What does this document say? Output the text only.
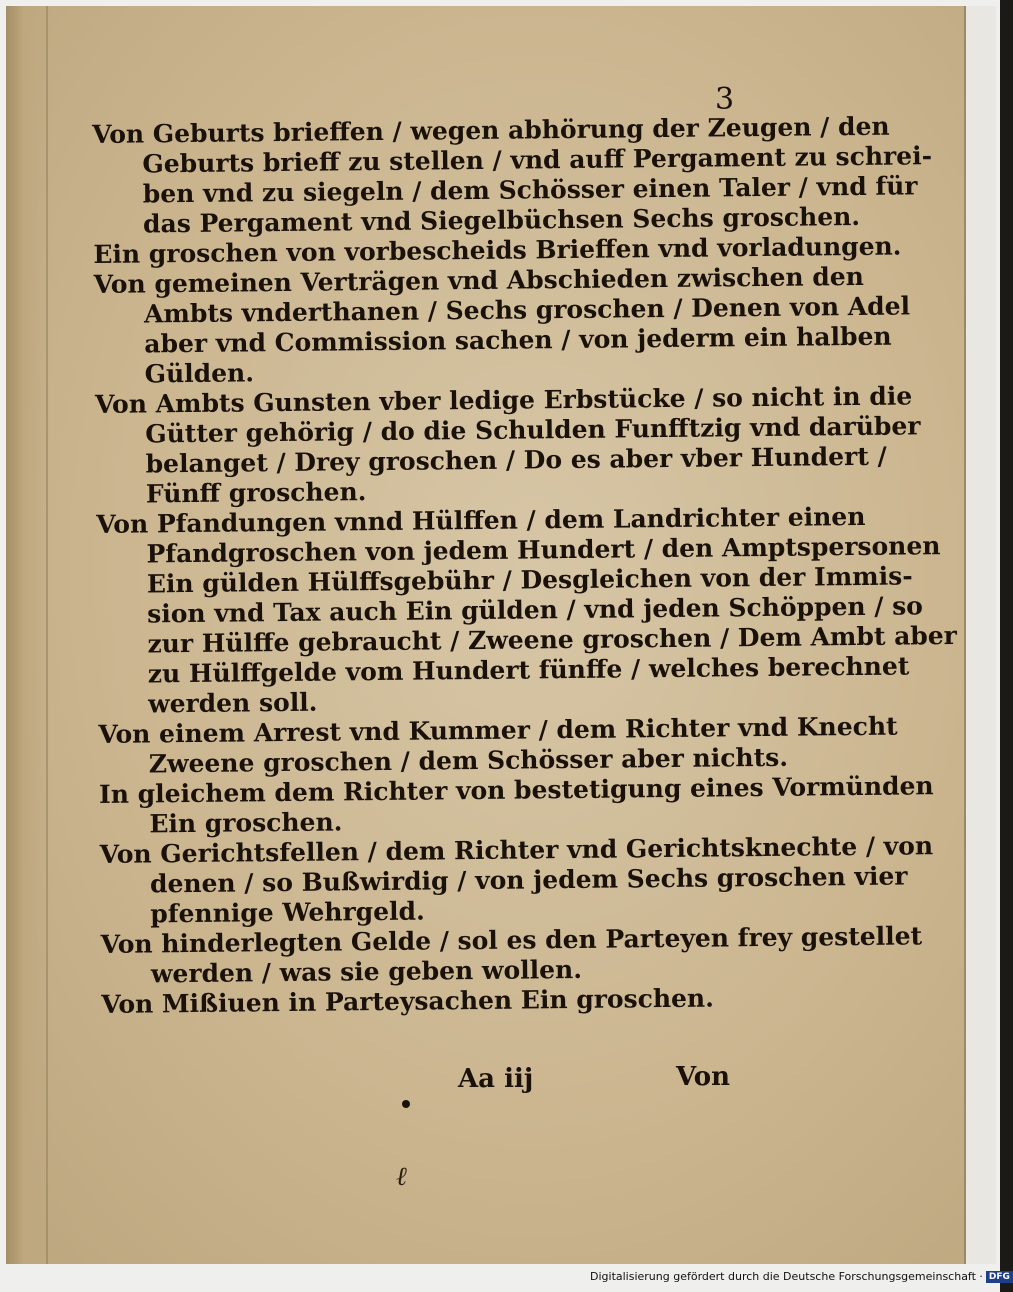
3

Von Geburts brieffen / wegen abhörung der Zeugen / den
Geburts brieff zu stellen / vnd auff Pergament zu schrei-
ben vnd zu siegeln / dem Schösser einen Taler / vnd für
das Pergament vnd Siegelbüchsen Sechs groschen.

Ein groschen von vorbescheids Brieffen vnd vorladungen.

Von gemeinen Verträgen vnd Abschieden zwischen den
Ambts vnderthanen / Sechs groschen / Denen von Adel
aber vnd Commission sachen / von jederm ein halben
Gülden.

Von Ambts Gunsten vber ledige Erbstücke / so nicht in die
Gütter gehörig / do die Schulden Funfftzig vnd darüber
belanget / Drey groschen / Do es aber vber Hundert /
Fünff groschen.

Von Pfandungen vnnd Hülffen / dem Landrichter einen
Pfandgroschen von jedem Hundert / den Amptspersonen
Ein gülden Hülffsgebühr / Desgleichen von der Immis-
sion vnd Tax auch Ein gülden / vnd jeden Schöppen / so
zur Hülffe gebraucht / Zweene groschen / Dem Ambt aber
zu Hülffgelde vom Hundert fünffe / welches berechnet
werden soll.

Von einem Arrest vnd Kummer / dem Richter vnd Knecht
Zweene groschen / dem Schösser aber nichts.

In gleichem dem Richter von bestetigung eines Vormünden
Ein groschen.

Von Gerichtsfellen / dem Richter vnd Gerichtsknechte / von
denen / so Bußwirdig / von jedem Sechs groschen vier
pfennige Wehrgeld.

Von hinderlegten Gelde / sol es den Parteyen frey gestellet
werden / was sie geben wollen.

Von Mißiuen in Parteysachen Ein groschen.

Aa iij	Von
ℓ
Digitalisierung gefördert durch die Deutsche Forschungsgemeinschaft · DFG
